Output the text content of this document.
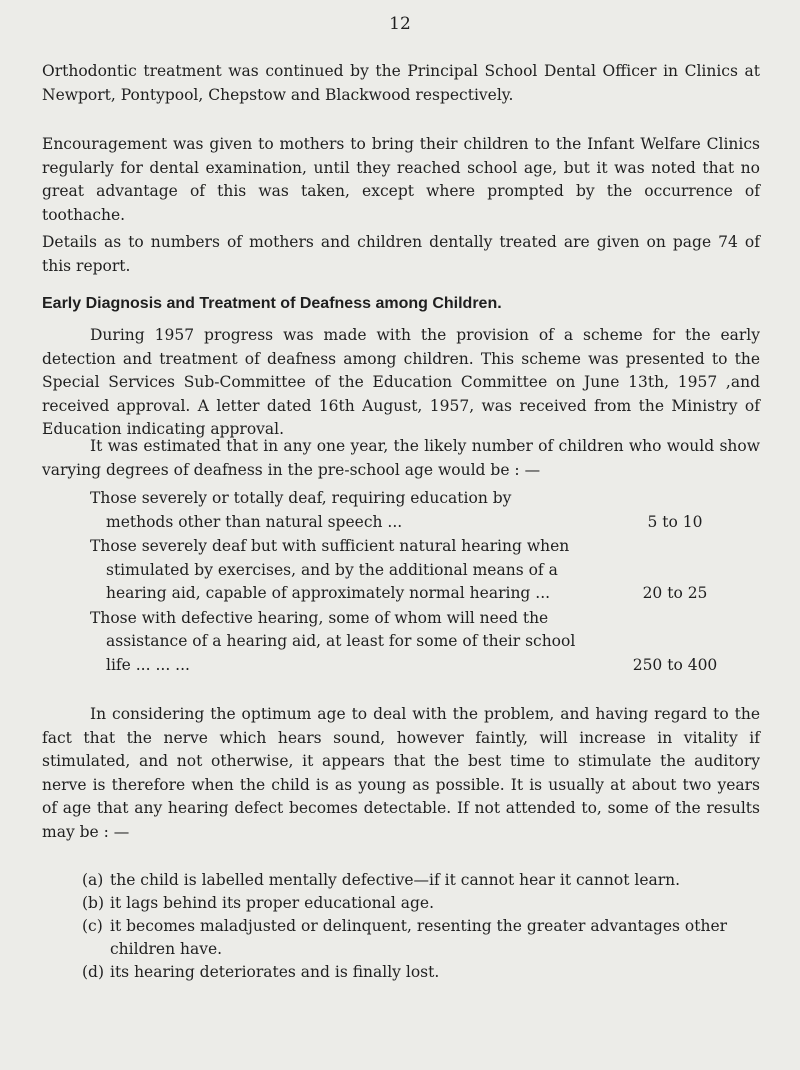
12
Orthodontic treatment was continued by the Principal School Dental Officer in Clinics at Newport, Pontypool, Chepstow and Blackwood respectively.
Encouragement was given to mothers to bring their children to the Infant Welfare Clinics regularly for dental examination, until they reached school age, but it was noted that no great advantage of this was taken, except where prompted by the occurrence of toothache.
Details as to numbers of mothers and children dentally treated are given on page 74 of this report.
Early Diagnosis and Treatment of Deafness among Children.
During 1957 progress was made with the provision of a scheme for the early detection and treatment of deafness among children. This scheme was presented to the Special Services Sub-Committee of the Education Committee on June 13th, 1957 ,and received approval. A letter dated 16th August, 1957, was received from the Ministry of Education indicating approval.
It was estimated that in any one year, the likely number of children who would show varying degrees of deafness in the pre-school age would be : —
Those severely or totally deaf, requiring education by methods other than natural speech ...	5 to 10
Those severely deaf but with sufficient natural hearing when stimulated by exercises, and by the additional means of a hearing aid, capable of approximately normal hearing ...	20 to 25
Those with defective hearing, some of whom will need the assistance of a hearing aid, at least for some of their school life ... ... ...	250 to 400
In considering the optimum age to deal with the problem, and having regard to the fact that the nerve which hears sound, however faintly, will increase in vitality if stimulated, and not otherwise, it appears that the best time to stimulate the auditory nerve is therefore when the child is as young as possible. It is usually at about two years of age that any hearing defect becomes detectable. If not attended to, some of the results may be : —
(a) the child is labelled mentally defective—if it cannot hear it cannot learn.
(b) it lags behind its proper educational age.
(c) it becomes maladjusted or delinquent, resenting the greater advantages other children have.
(d) its hearing deteriorates and is finally lost.
